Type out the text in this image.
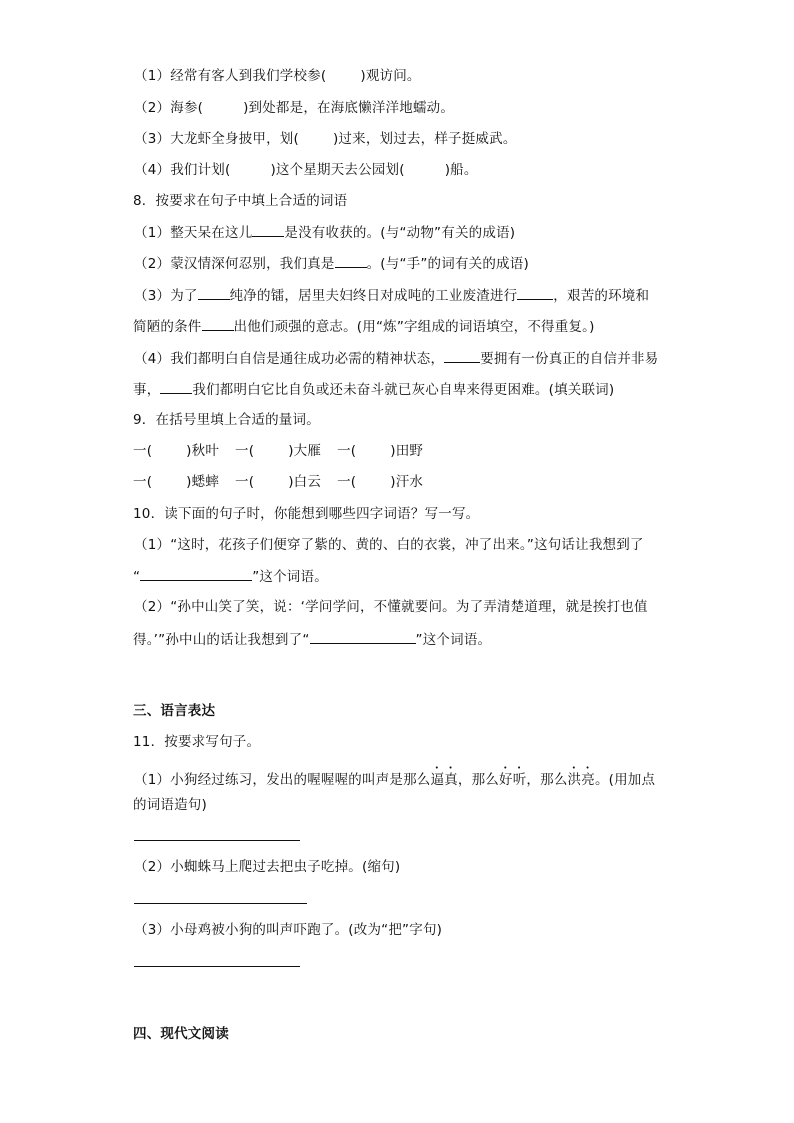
（1）经常有客人到我们学校参(	)观访问。
（2）海参(	)到处都是，在海底懒洋洋地蠕动。
（3）大龙虾全身披甲，划(	)过来，划过去，样子挺威武。
（4）我们计划(	)这个星期天去公园划(	)船。
8．按要求在句子中填上合适的词语
（1）整天呆在这儿 是没有收获的。(与“动物”有关的成语)
（2）蒙汉情深何忍别，我们真是 。(与“手”的词有关的成语)
（3）为了 纯净的镭，居里夫妇终日对成吨的工业废渣进行	，艰苦的环境和
简陋的条件 出他们顽强的意志。(用“炼”字组成的词语填空，不得重复。)
（4）我们都明白自信是通往成功必需的精神状态，	要拥有一份真正的自信并非易
事， 我们都明白它比自负或还未奋斗就已灰心自卑来得更困难。(填关联词)
9．在括号里填上合适的量词。
一(	)秋叶 一(	)大雁 一(	)田野
一(	)蟋蟀 一(	)白云 一(	)汗水
10．读下面的句子时，你能想到哪些四字词语？写一写。
（1）“这时，花孩子们便穿了紫的、黄的、白的衣裳，冲了出来。”这句话让我想到了
“	”这个词语。
（2）“孙中山笑了笑，说：‘学问学问，不懂就要问。为了弄清楚道理，就是挨打也值
得。’”孙中山的话让我想到了“	”这个词语。
三、语言表达
11．按要求写句子。
（1）小狗经过练习，发出的喔喔喔的叫声是那么逼真，那么好听，那么洪亮。(用加点
的词语造句)
（2）小蜘蛛马上爬过去把虫子吃掉。(缩句)
（3）小母鸡被小狗的叫声吓跑了。(改为“把”字句)
四、现代文阅读
